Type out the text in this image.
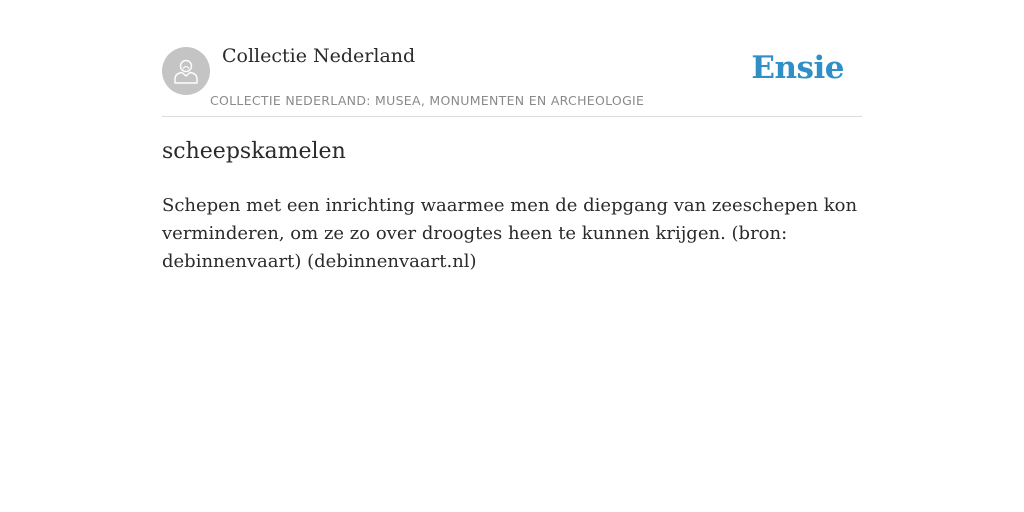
Collectie Nederland
COLLECTIE NEDERLAND: MUSEA, MONUMENTEN EN ARCHEOLOGIE
Ensie
scheepskamelen
Schepen met een inrichting waarmee men de diepgang van zeeschepen kon verminderen, om ze zo over droogtes heen te kunnen krijgen. (bron: debinnenvaart) (debinnenvaart.nl)
